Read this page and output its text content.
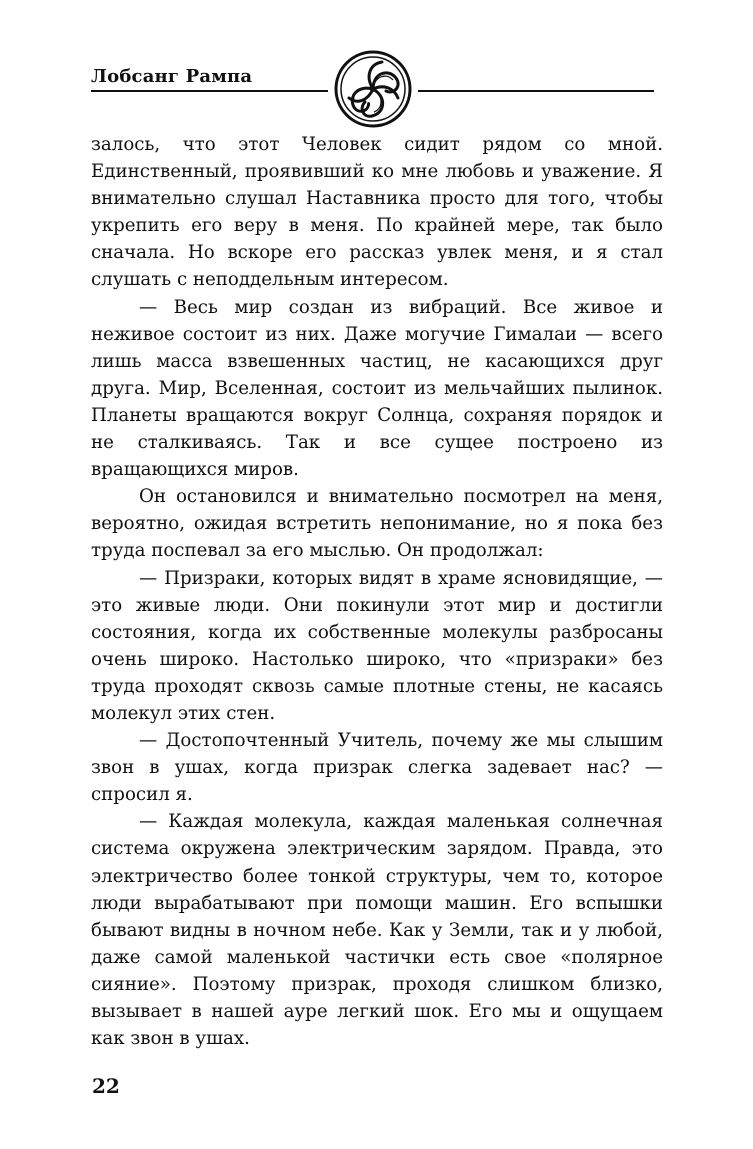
Лобсанг Рампа

залось, что этот Человек сидит рядом со мной. Единственный, проявивший ко мне любовь и уважение. Я внимательно слушал Наставника просто для того, чтобы укрепить его веру в меня. По крайней мере, так было сначала. Но вскоре его рассказ увлек меня, и я стал слушать с неподдельным интересом.

— Весь мир создан из вибраций. Все живое и неживое состоит из них. Даже могучие Гималаи — всего лишь масса взвешенных частиц, не касающихся друг друга. Мир, Вселенная, состоит из мельчайших пылинок. Планеты вращаются вокруг Солнца, сохраняя порядок и не сталкиваясь. Так и все сущее построено из вращающихся миров.

Он остановился и внимательно посмотрел на меня, вероятно, ожидая встретить непонимание, но я пока без труда поспевал за его мыслью. Он продолжал:

— Призраки, которых видят в храме ясновидящие, — это живые люди. Они покинули этот мир и достигли состояния, когда их собственные молекулы разбросаны очень широко. Настолько широко, что «призраки» без труда проходят сквозь самые плотные стены, не касаясь молекул этих стен.

— Достопочтенный Учитель, почему же мы слышим звон в ушах, когда призрак слегка задевает нас? — спросил я.

— Каждая молекула, каждая маленькая солнечная система окружена электрическим зарядом. Правда, это электричество более тонкой структуры, чем то, которое люди вырабатывают при помощи машин. Его вспышки бывают видны в ночном небе. Как у Земли, так и у любой, даже самой маленькой частички есть свое «полярное сияние». Поэтому призрак, проходя слишком близко, вызывает в нашей ауре легкий шок. Его мы и ощущаем как звон в ушах.

22
